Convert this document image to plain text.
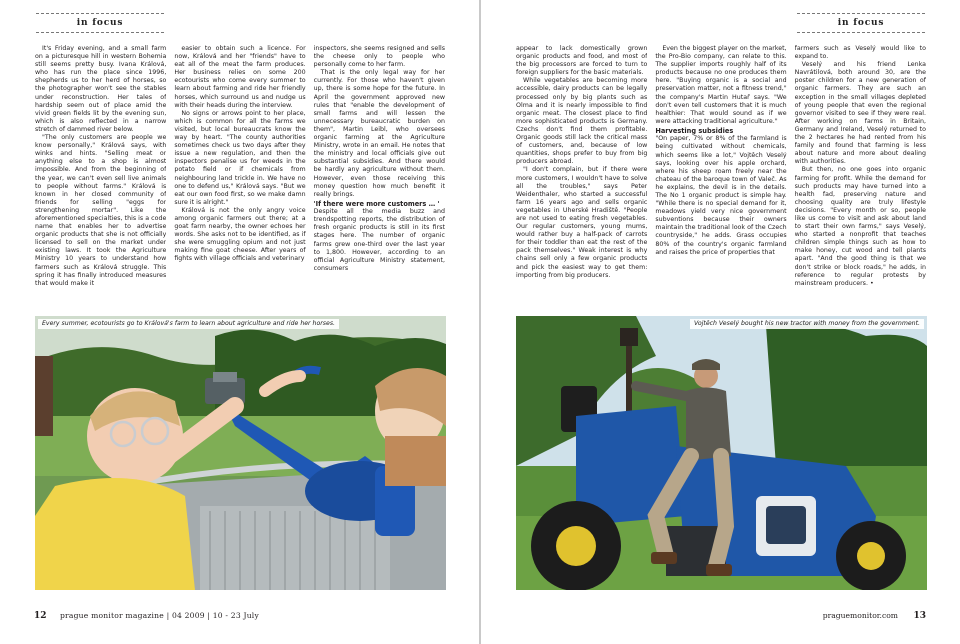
in focus

It's Friday evening, and a small farm on a picturesque hill in western Bohemia still seems pretty busy. Ivana Králová, who has run the place since 1996, shepherds us to her herd of horses, so the photographer won't see the stables under reconstruction. Her tales of hardship seem out of place amid the vivid green fields lit by the evening sun, which is also reflected in a narrow stretch of dammed river below.

"The only customers are people we know personally," Králová says, with winks and hints. "Selling meat or anything else to a shop is almost impossible. And from the beginning of the year, we can't even sell live animals to people without farms." Králová is known in her closed community of friends for selling "eggs for strengthening mortar". Like the aforementioned specialties, this is a code name that enables her to advertise organic products that she is not officially licensed to sell on the market under existing laws. It took the Agriculture Ministry 10 years to understand how farmers such as Králová struggle. This spring it has finally introduced measures that would make it

easier to obtain such a licence. For now, Králová and her "friends" have to eat all of the meat the farm produces. Her business relies on some 200 ecotourists who come every summer to learn about farming and ride her friendly horses, which surround us and nudge us with their heads during the interview.

No signs or arrows point to her place, which is common for all the farms we visited, but local bureaucrats know the way by heart. "The county authorities sometimes check us two days after they issue a new regulation, and then the inspectors penalise us for weeds in the potato field or if chemicals from neighbouring land trickle in. We have no one to defend us," Králová says. "But we eat our own food first, so we make damn sure it is alright."

Králová is not the only angry voice among organic farmers out there; at a goat farm nearby, the owner echoes her words. She asks not to be identified, as if she were smuggling opium and not just making fine goat cheese. After years of fights with village officials and veterinary

inspectors, she seems resigned and sells the cheese only to people who personally come to her farm.

That is the only legal way for her currently. For those who haven't given up, there is some hope for the future. In April the government approved new rules that "enable the development of small farms and will lessen the unnecessary bureaucratic burden on them", Martin Leibl, who oversees organic farming at the Agriculture Ministry, wrote in an email. He notes that the ministry and local officials give out substantial subsidies. And there would be hardly any agriculture without them. However, even those receiving this money question how much benefit it really brings.

'If there were more customers … '

Despite all the media buzz and trendspotting reports, the distribution of fresh organic products is still in its first stages here. The number of organic farms grew one-third over the last year to 1,800. However, according to an official Agriculture Ministry statement, consumers

Every summer, ecotourists go to Králová's farm to learn about agriculture and ride her horses.
12 prague monitor magazine | 04 2009 | 10 - 23 July
in focus

appear to lack domestically grown organic products and food, and most of the big processors are forced to turn to foreign suppliers for the basic materials.

While vegetables are becoming more accessible, dairy products can be legally processed only by big plants such as Olma and it is nearly impossible to find organic meat. The closest place to find more sophisticated products is Germany. Czechs don't find them profitable. Organic goods still lack the critical mass of customers, and, because of low quantities, shops prefer to buy from big producers abroad.

"I don't complain, but if there were more customers, I wouldn't have to solve all the troubles," says Peter Weidenthaler, who started a successful farm 16 years ago and sells organic vegetables in Uherské Hradiště. "People are not used to eating fresh vegetables. Our regular customers, young mums, would rather buy a half-pack of carrots for their toddler than eat the rest of the pack themselves." Weak interest is why chains sell only a few organic products and pick the easiest way to get them: importing from big producers.

Even the biggest player on the market, the Pro-Bio company, can relate to this. The supplier imports roughly half of its products because no one produces them here. "Buying organic is a social and preservation matter, not a fitness trend," the company's Martin Hutař says. "We don't even tell customers that it is much healthier: That would sound as if we were attacking traditional agriculture."

Harvesting subsidies

"On paper, 7% or 8% of the farmland is being cultivated without chemicals, which seems like a lot," Vojtěch Veselý says, looking over his apple orchard, where his sheep roam freely near the chateau of the baroque town of Valeč. As he explains, the devil is in the details. The No 1 organic product is simple hay. "While there is no special demand for it, meadows yield very nice government subventions because their owners maintain the traditional look of the Czech countryside," he adds. Grass occupies 80% of the country's organic farmland and raises the price of properties that

farmers such as Veselý would like to expand to.

Veselý and his friend Lenka Navrátilová, both around 30, are the poster children for a new generation of organic farmers. They are such an exception in the small villages depleted of young people that even the regional governor visited to see if they were real. After working on farms in Britain, Germany and Ireland, Veselý returned to the 2 hectares he had rented from his family and found that farming is less about nature and more about dealing with authorities.

But then, no one goes into organic farming for profit. While the demand for such products may have turned into a health fad, preserving nature and choosing quality are truly lifestyle decisions. "Every month or so, people like us come to visit and ask about land to start their own farms," says Veselý, who started a nonprofit that teaches children simple things such as how to make honey, cut wood and tell plants apart. "And the good thing is that we don't strike or block roads," he adds, in reference to regular protests by mainstream producers. •

Vojtěch Veselý bought his new tractor with money from the government.
praguemonitor.com 13
